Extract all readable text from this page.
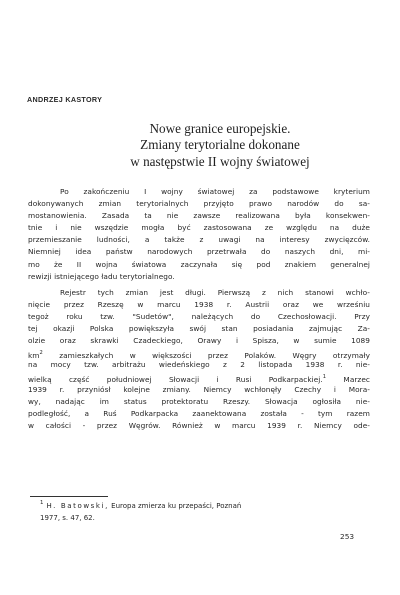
ANDRZEJ KASTORY
Nowe granice europejskie.
Zmiany terytorialne dokonane
w następstwie II wojny światowej
Po zakończeniu I wojny światowej za podstawowe kryterium
dokonywanych zmian terytorialnych przyjęto prawo narodów do sa-
mostanowienia. Zasada ta nie zawsze realizowana była konsekwen-
tnie i nie wszędzie mogła być zastosowana ze względu na duże
przemieszanie ludności, a także z uwagi na interesy zwycięzców.
Niemniej idea państw narodowych przetrwała do naszych dni, mi-
mo że II wojna światowa zaczynała się pod znakiem generalnej
rewizji istniejącego ładu terytorialnego.
Rejestr tych zmian jest długi. Pierwszą z nich stanowi wchło-
nięcie przez Rzeszę w marcu 1938 r. Austrii oraz we wrześniu
tegoż roku tzw. "Sudetów", należących do Czechosłowacji. Przy
tej okazji Polska powiększyła swój stan posiadania zajmując Za-
olzie oraz skrawki Czadeckiego, Orawy i Spisza, w sumie 1089
$km^2$ zamieszkałych w większości przez Polaków. Węgry otrzymały
na mocy tzw. arbitrażu wiedeńskiego z 2 listopada 1938 r. nie-
wielką część południowej Słowacji i Rusi Podkarpackiej.$^1$ Marzec
1939 r. przyniósł kolejne zmiany. Niemcy wchłonęły Czechy i Mora-
wy, nadając im status protektoratu Rzeszy. Słowacja ogłosiła nie-
podległość, a Ruś Podkarpacka zaanektowana została - tym razem
w całości - przez Węgrów. Również w marcu 1939 r. Niemcy ode-
$^1$ H. Batowski, Europa zmierza ku przepaści, Poznań
1977, s. 47, 62.
253
